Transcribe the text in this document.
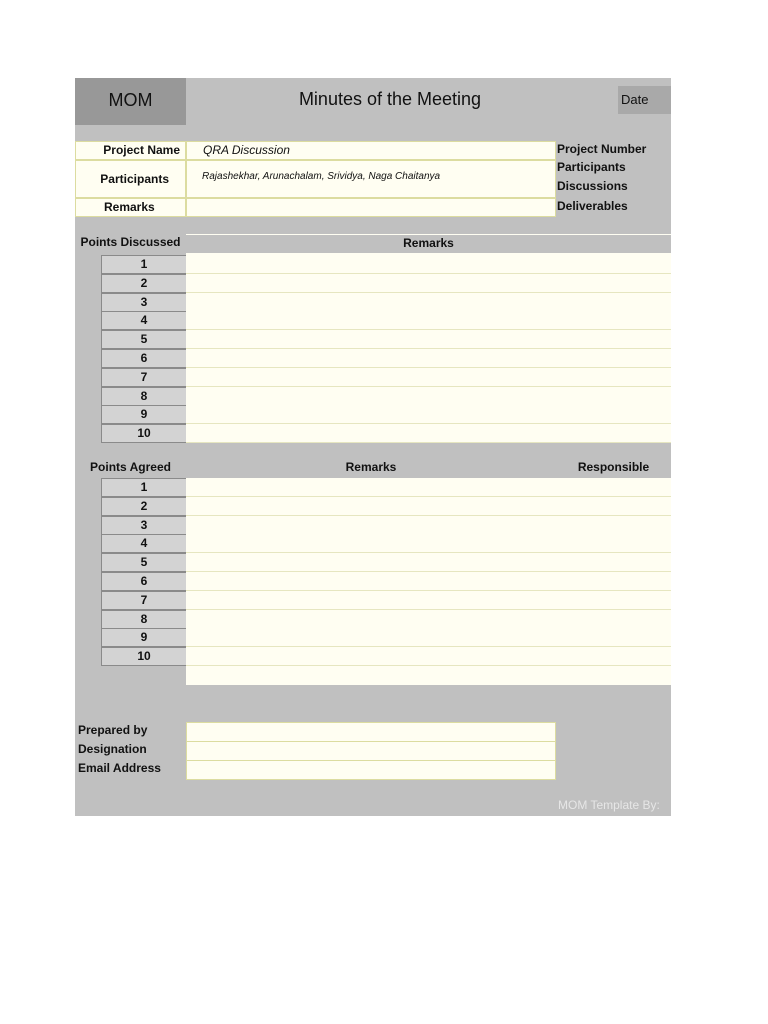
MOM	Minutes of the Meeting	Date
Project Name	QRA Discussion
Participants	Rajashekhar, Arunachalam, Srividya, Naga Chaitanya
Remarks
Project Number
Participants
Discussions
Deliverables
Points Discussed	Remarks
1
2
3
4
5
6
7
8
9
10
Points Agreed	Remarks	Responsible
1
2
3
4
5
6
7
8
9
10
Prepared by
Designation
Email Address
MOM Template By:
